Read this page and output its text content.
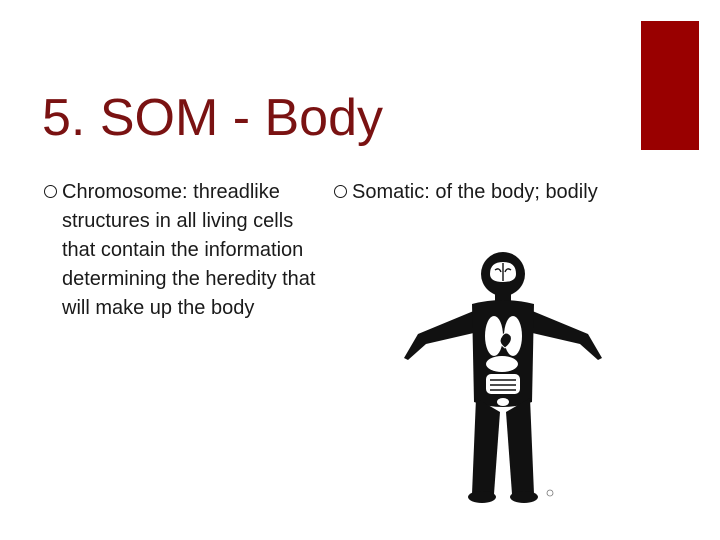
5. SOM - Body
Chromosome: threadlike structures in all living cells that contain the information determining the heredity that will make up the body
Somatic: of the body; bodily
